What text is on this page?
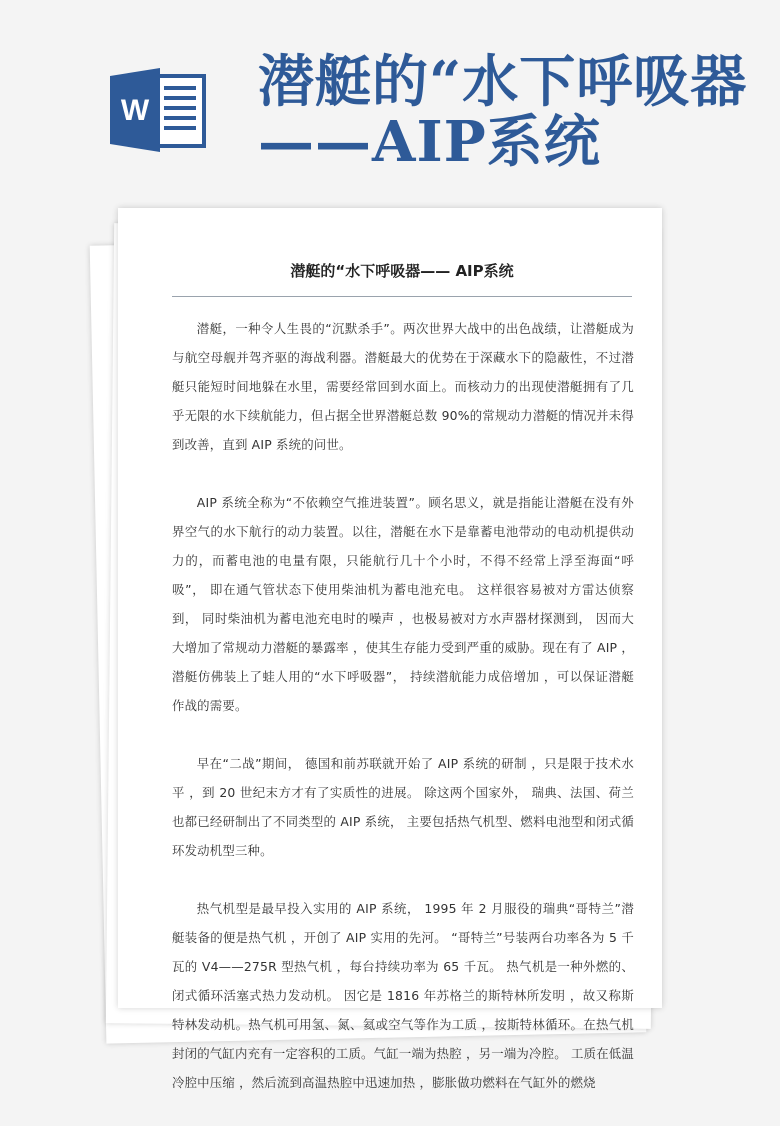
W 潜艇的“水下呼吸器——AIP系统
潜艇的“水下呼吸器—— AIP系统

潜艇，一种令人生畏的“沉默杀手”。两次世界大战中的出色战绩，让潜艇成为与航空母舰并驾齐驱的海战利器。潜艇最大的优势在于深藏水下的隐蔽性，不过潜艇只能短时间地躲在水里，需要经常回到水面上。而核动力的出现使潜艇拥有了几乎无限的水下续航能力，但占据全世界潜艇总数 90%的常规动力潜艇的情况并未得到改善，直到 AIP 系统的问世。

AIP 系统全称为“不依赖空气推进装置”。顾名思义，就是指能让潜艇在没有外界空气的水下航行的动力装置。以往，潜艇在水下是靠蓄电池带动的电动机提供动力的，而蓄电池的电量有限，只能航行几十个小时，不得不经常上浮至海面“呼吸”， 即在通气管状态下使用柴油机为蓄电池充电。 这样很容易被对方雷达侦察到， 同时柴油机为蓄电池充电时的噪声 ，也极易被对方水声器材探测到， 因而大大增加了常规动力潜艇的暴露率 ，使其生存能力受到严重的威胁。现在有了 AIP ，潜艇仿佛装上了蛙人用的“水下呼吸器”， 持续潜航能力成倍增加 ，可以保证潜艇作战的需要。

早在“二战”期间， 德国和前苏联就开始了 AIP 系统的研制 ，只是限于技术水平 ，到 20 世纪末方才有了实质性的进展。 除这两个国家外， 瑞典、法国、荷兰也都已经研制出了不同类型的 AIP 系统， 主要包括热气机型、燃料电池型和闭式循环发动机型三种。

热气机型是最早投入实用的 AIP 系统， 1995 年 2 月服役的瑞典“哥特兰”潜艇装备的便是热气机 ，开创了 AIP 实用的先河。 “哥特兰”号装两台功率各为 5 千瓦的 V4——275R 型热气机 ，每台持续功率为 65 千瓦。 热气机是一种外燃的、闭式循环活塞式热力发动机。 因它是 1816 年苏格兰的斯特林所发明 ，故又称斯特林发动机。热气机可用氢、氮、氦或空气等作为工质 ，按斯特林循环。在热气机封闭的气缸内充有一定容积的工质。气缸一端为热腔 ，另一端为冷腔。 工质在低温冷腔中压缩 ，然后流到高温热腔中迅速加热 ，膨胀做功燃料在气缸外的燃烧
